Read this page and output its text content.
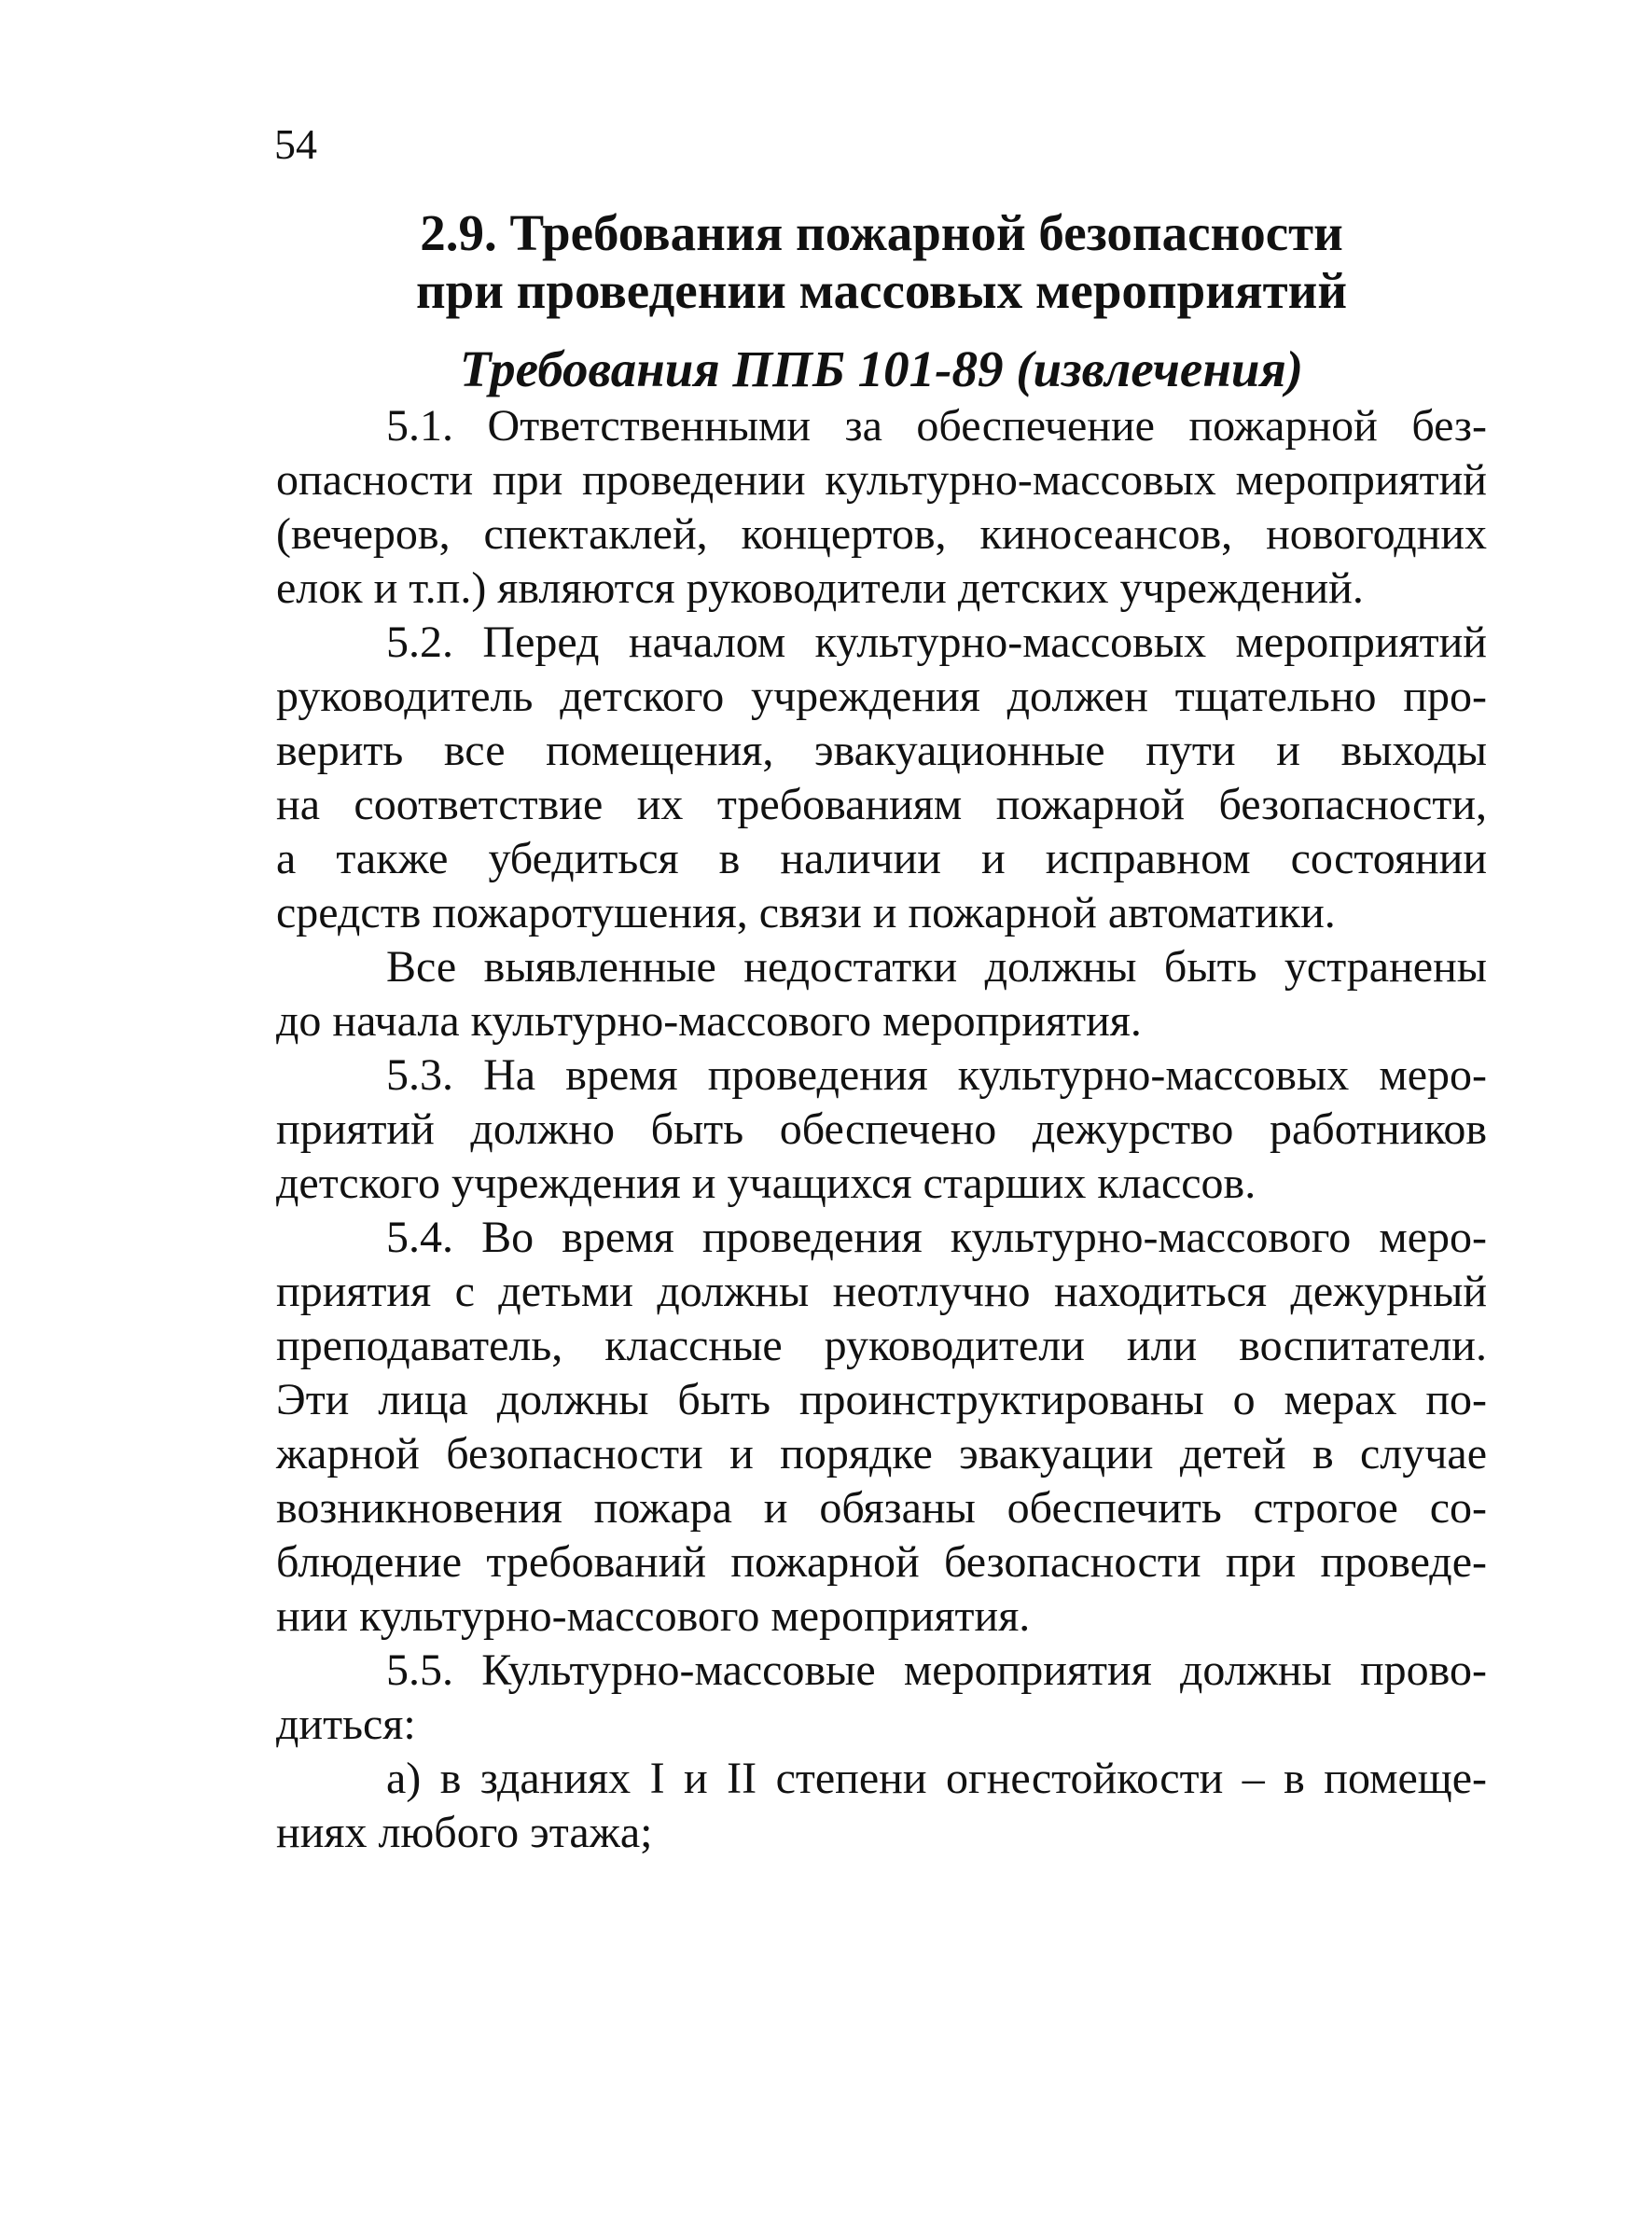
54
2.9. Требования пожарной безопасности
при проведении массовых мероприятий
Требования ППБ 101-89 (извлечения)
5.1. Ответственными за обеспечение пожарной без-
опасности при проведении культурно-массовых мероприятий
(вечеров, спектаклей, концертов, киносеансов, новогодних
елок и т.п.) являются руководители детских учреждений.
5.2. Перед началом культурно-массовых мероприятий
руководитель детского учреждения должен тщательно про-
верить все помещения, эвакуационные пути и выходы
на соответствие их требованиям пожарной безопасности,
а также убедиться в наличии и исправном состоянии
средств пожаротушения, связи и пожарной автоматики.
Все выявленные недостатки должны быть устранены
до начала культурно-массового мероприятия.
5.3. На время проведения культурно-массовых меро-
приятий должно быть обеспечено дежурство работников
детского учреждения и учащихся старших классов.
5.4. Во время проведения культурно-массового меро-
приятия с детьми должны неотлучно находиться дежурный
преподаватель, классные руководители или воспитатели.
Эти лица должны быть проинструктированы о мерах по-
жарной безопасности и порядке эвакуации детей в случае
возникновения пожара и обязаны обеспечить строгое со-
блюдение требований пожарной безопасности при проведе-
нии культурно-массового мероприятия.
5.5. Культурно-массовые мероприятия должны прово-
диться:
а) в зданиях I и II степени огнестойкости – в помеще-
ниях любого этажа;
